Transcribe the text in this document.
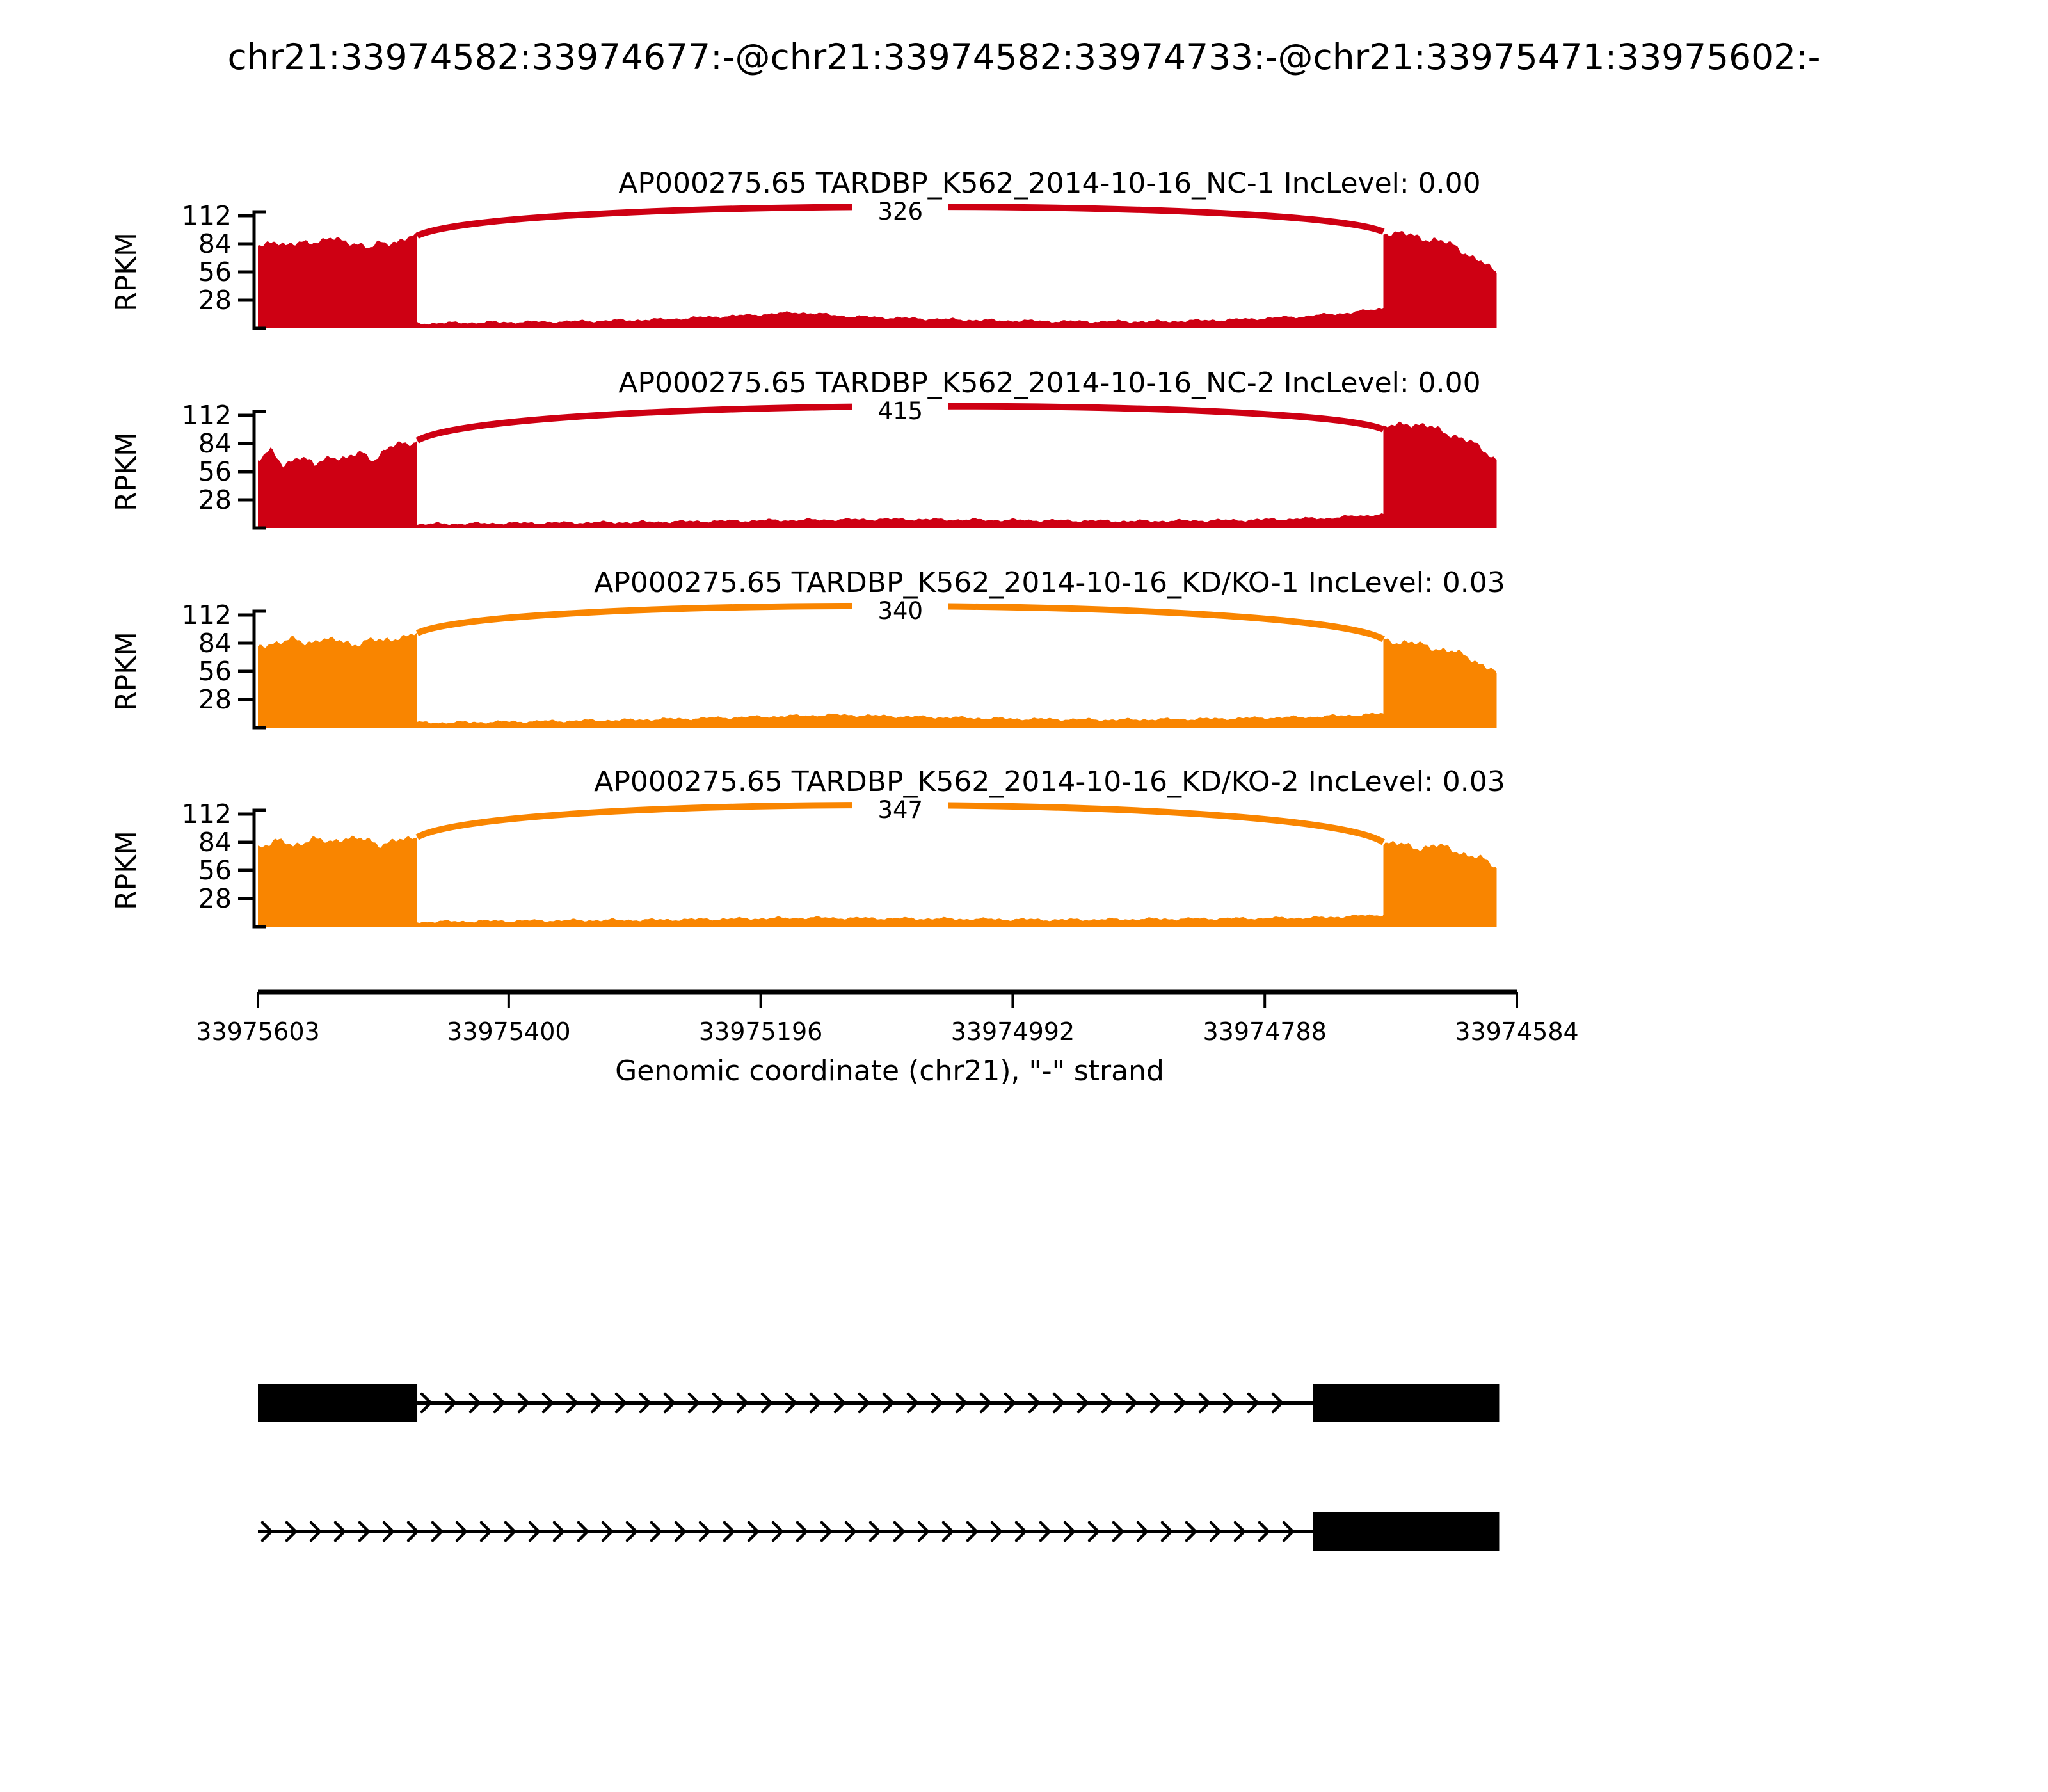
chr21:33974582:33974677:-@chr21:33974582:33974733:-@chr21:33975471:33975602:-
326
AP000275.65 TARDBP_K562_2014-10-16_NC-1 IncLevel: 0.00
112
84
56
28
RPKM
415
AP000275.65 TARDBP_K562_2014-10-16_NC-2 IncLevel: 0.00
112
84
56
28
RPKM
340
AP000275.65 TARDBP_K562_2014-10-16_KD/KO-1 IncLevel: 0.03
112
84
56
28
RPKM
347
AP000275.65 TARDBP_K562_2014-10-16_KD/KO-2 IncLevel: 0.03
112
84
56
28
RPKM
33975603	33975400	33975196	33974992	33974788	33974584
Genomic coordinate (chr21), "-" strand
